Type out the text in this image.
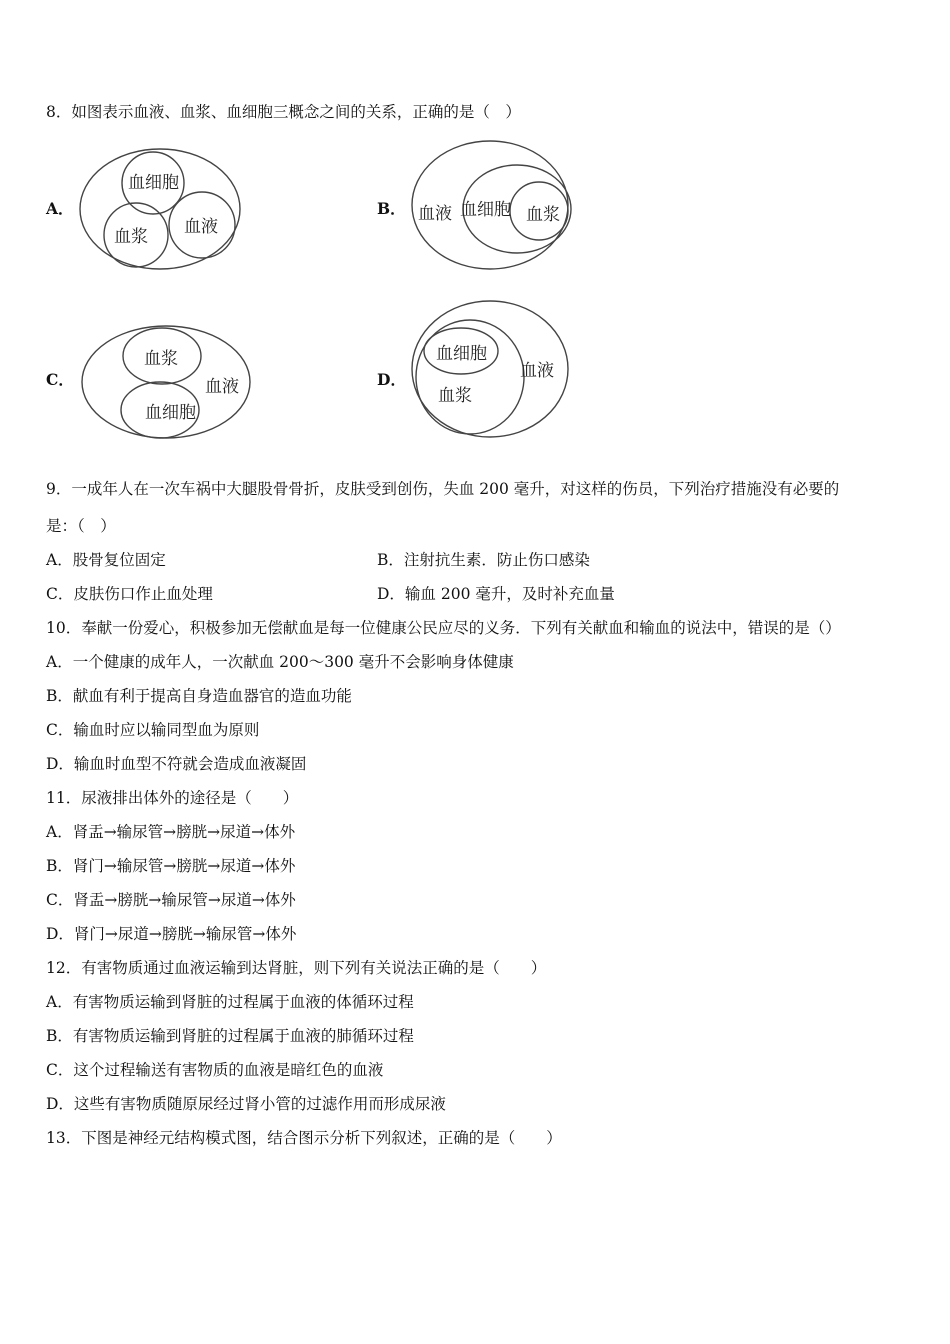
8．如图表示血液、血浆、血细胞三概念之间的关系，正确的是（　）
A．
血细胞
血浆 血液
B． 血液 血细胞 血浆
C．
血浆
血液
血细胞
D．
血细胞
血液
血浆
9．一成年人在一次车祸中大腿股骨骨折，皮肤受到创伤，失血 200 毫升，对这样的伤员，下列治疗措施没有必要的
是：（　）
A．股骨复位固定	B．注射抗生素．防止伤口感染
C．皮肤伤口作止血处理	D．输血 200 毫升，及时补充血量
10．奉献一份爱心，积极参加无偿献血是每一位健康公民应尽的义务．下列有关献血和输血的说法中，错误的是（）
A．一个健康的成年人，一次献血 200～300 毫升不会影响身体健康
B．献血有利于提高自身造血器官的造血功能
C．输血时应以输同型血为原则
D．输血时血型不符就会造成血液凝固
11．尿液排出体外的途径是（　　）
A．肾盂→输尿管→膀胱→尿道→体外
B．肾门→输尿管→膀胱→尿道→体外
C．肾盂→膀胱→输尿管→尿道→体外
D．肾门→尿道→膀胱→输尿管→体外
12．有害物质通过血液运输到达肾脏，则下列有关说法正确的是（　　）
A．有害物质运输到肾脏的过程属于血液的体循环过程
B．有害物质运输到肾脏的过程属于血液的肺循环过程
C．这个过程输送有害物质的血液是暗红色的血液
D．这些有害物质随原尿经过肾小管的过滤作用而形成尿液
13．下图是神经元结构模式图，结合图示分析下列叙述，正确的是（　　）
